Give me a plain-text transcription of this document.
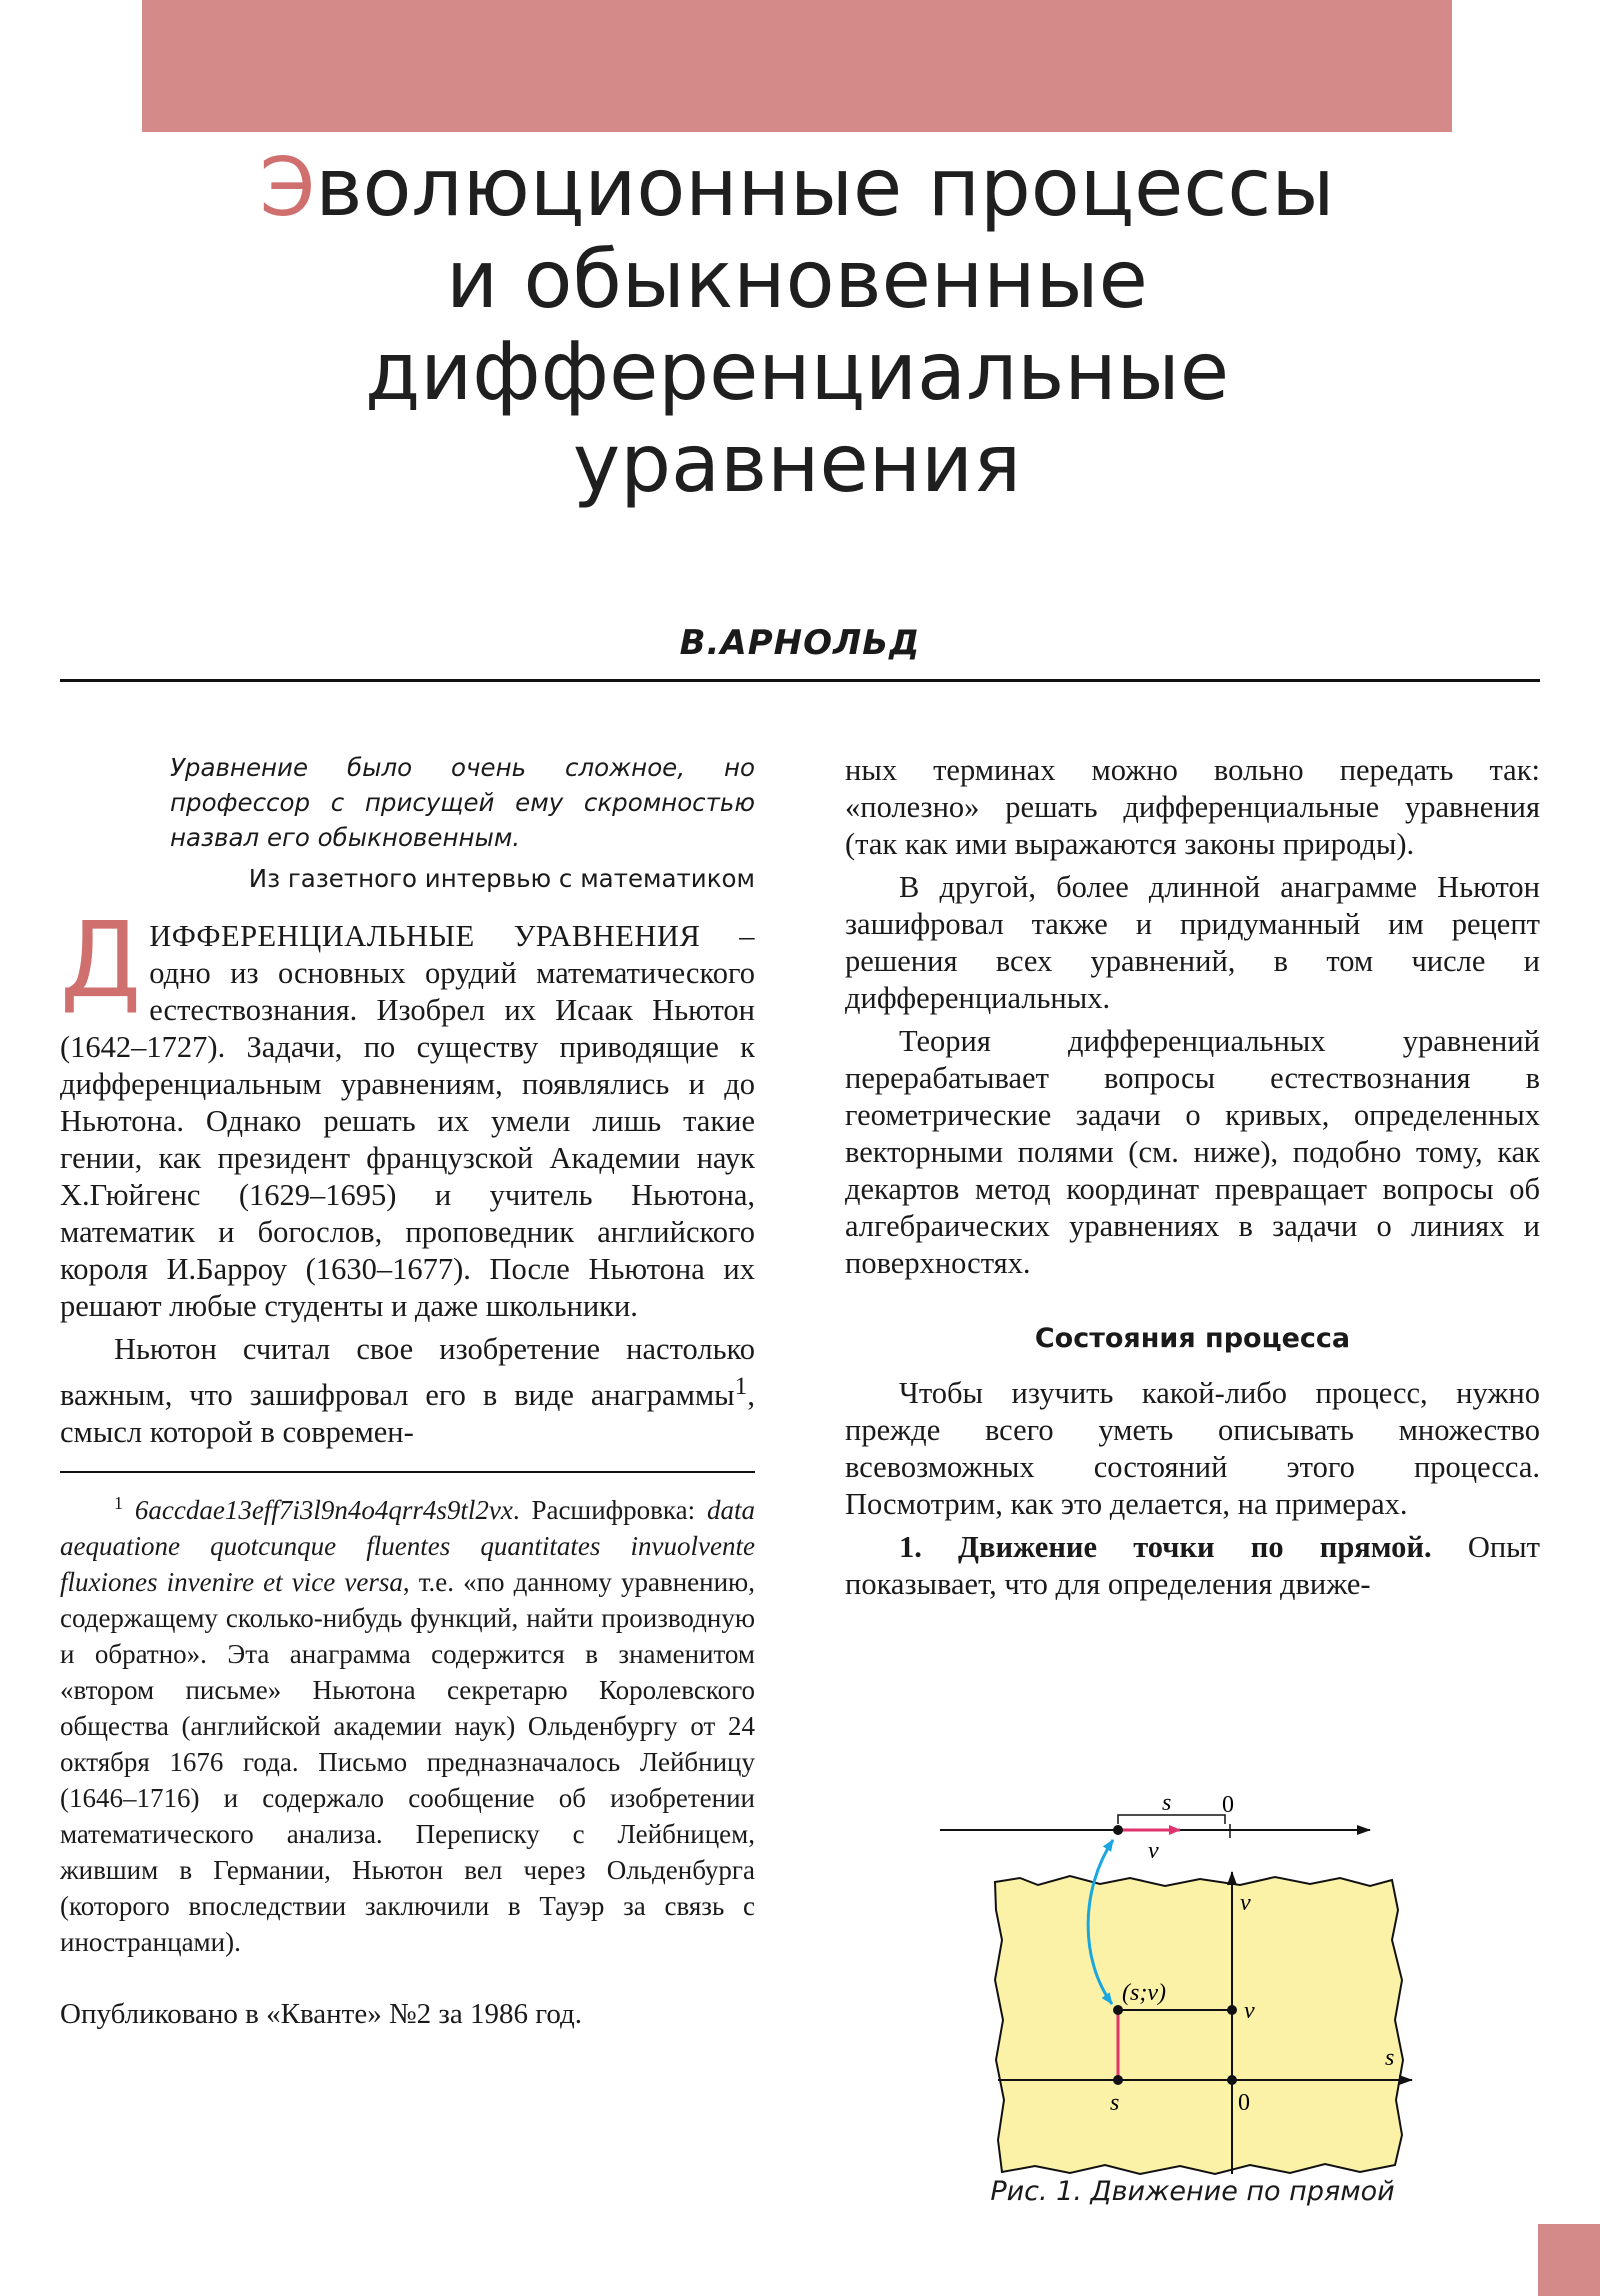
Эволюционные процессы
и обыкновенные
дифференциальные
уравнения
В.АРНОЛЬД
Уравнение было очень сложное, но профессор с присущей ему скромностью назвал его обыкновенным.
Из газетного интервью с математиком

ДИФФЕРЕНЦИАЛЬНЫЕ УРАВНЕНИЯ – одно из основных орудий математического естествознания. Изобрел их Исаак Ньютон (1642–1727). Задачи, по существу приводящие к дифференциальным уравнениям, появлялись и до Ньютона. Однако решать их умели лишь такие гении, как президент французской Академии наук Х.Гюйгенс (1629–1695) и учитель Ньютона, математик и богослов, проповедник английского короля И.Барроу (1630–1677). После Ньютона их решают любые студенты и даже школьники.

Ньютон считал свое изобретение настолько важным, что зашифровал его в виде анаграммы$^1$, смысл которой в современ-

$^1$ 6accdae13eff7i3l9n4o4qrr4s9tl2vx. Расшифровка: data aequatione quotcunque fluentes quantitates invuolvente fluxiones invenire et vice versa, т.е. «по данному уравнению, содержащему сколько-нибудь функций, найти производную и обратно». Эта анаграмма содержится в знаменитом «втором письме» Ньютона секретарю Королевского общества (английской академии наук) Ольденбургу от 24 октября 1676 года. Письмо предназначалось Лейбницу (1646–1716) и содержало сообщение об изобретении математического анализа. Переписку с Лейбницем, жившим в Германии, Ньютон вел через Ольденбурга (которого впоследствии заключили в Тауэр за связь с иностранцами).

Опубликовано в «Кванте» №2 за 1986 год.

ных терминах можно вольно передать так: «полезно» решать дифференциальные уравнения (так как ими выражаются законы природы).

В другой, более длинной анаграмме Ньютон зашифровал также и придуманный им рецепт решения всех уравнений, в том числе и дифференциальных.

Теория дифференциальных уравнений перерабатывает вопросы естествознания в геометрические задачи о кривых, определенных векторными полями (см. ниже), подобно тому, как декартов метод координат превращает вопросы об алгебраических уравнениях в задачи о линиях и поверхностях.

Состояния процесса

Чтобы изучить какой-либо процесс, нужно прежде всего уметь описывать множество всевозможных состояний этого процесса. Посмотрим, как это делается, на примерах.

1. Движение точки по прямой. Опыт показывает, что для определения движе-

s 0
v
v
s
(s;v)
v
s	0
Рис. 1. Движение по прямой
